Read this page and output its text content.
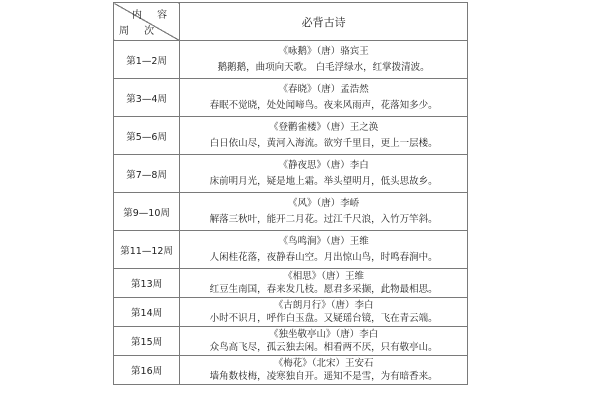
内 容
周 次	必背古诗
第1—2周	《咏鹅》（唐）骆宾王
鹅鹅鹅，曲项向天歌。 白毛浮绿水，红掌拨清波。

第3—4周	《春晓》（唐）孟浩然
春眠不觉晓，处处闻啼鸟。夜来风雨声，花落知多少。

第5—6周	《登鹳雀楼》（唐）王之涣
白日依山尽，黄河入海流。欲穷千里目，更上一层楼。

第7—8周	《静夜思》（唐）李白
床前明月光，疑是地上霜。举头望明月，低头思故乡。

第9—10周	《风》（唐）李峤
解落三秋叶，能开二月花。过江千尺浪，入竹万竿斜。

第11—12周	《鸟鸣涧》（唐）王维
人闲桂花落，夜静春山空。月出惊山鸟，时鸣春涧中。

第13周	《相思》（唐）王维
红豆生南国，春来发几枝。愿君多采撷，此物最相思。

第14周	《古朗月行》（唐）李白
小时不识月，呼作白玉盘。又疑瑶台镜，飞在青云端。

第15周	《独坐敬亭山》（唐）李白
众鸟高飞尽，孤云独去闲。相看两不厌，只有敬亭山。

第16周	《梅花》（北宋）王安石
墙角数枝梅，凌寒独自开。遥知不是雪，为有暗香来。
